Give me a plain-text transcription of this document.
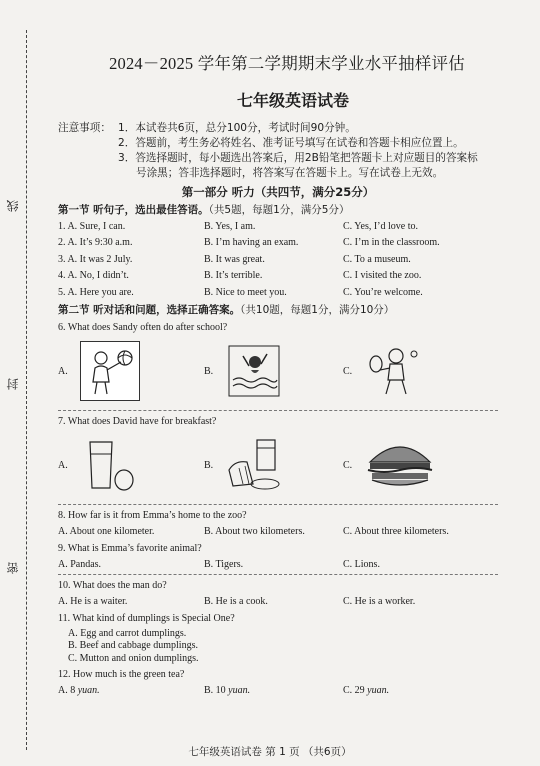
线
封
密
2024－2025 学年第二学期期末学业水平抽样评估
七年级英语试卷
注意事项： 1．本试卷共6页，总分100分，考试时间90分钟。
2．答题前，考生务必将姓名、准考证号填写在试卷和答题卡相应位置上。
3．答选择题时，每小题选出答案后，用2B铅笔把答题卡上对应题目的答案标
号涂黑；答非选择题时，将答案写在答题卡上。写在试卷上无效。
第一部分 听力（共四节，满分25分）
第一节 听句子，选出最佳答语。（共5题，每题1分，满分5分）
1. A. Sure, I can.	B. Yes, I am.	C. Yes, I’d love to.
2. A. It’s 9:30 a.m.	B. I’m having an exam.	C. I’m in the classroom.
3. A. It was 2 July.	B. It was great.	C. To a museum.
4. A. No, I didn’t.	B. It’s terrible.	C. I visited the zoo.
5. A. Here you are.	B. Nice to meet you.	C. You’re welcome.
第二节 听对话和问题，选择正确答案。（共10题，每题1分，满分10分）
6. What does Sandy often do after school?
A.	B.	C.
7. What does David have for breakfast?
A.	B.	C.
8. How far is it from Emma’s home to the zoo?
A. About one kilometer.	B. About two kilometers.	C. About three kilometers.
9. What is Emma’s favorite animal?
A. Pandas.	B. Tigers.	C. Lions.
10. What does the man do?
A. He is a waiter.	B. He is a cook.	C. He is a worker.
11. What kind of dumplings is Special One?
A. Egg and carrot dumplings.
B. Beef and cabbage dumplings.
C. Mutton and onion dumplings.
12. How much is the green tea?
A. 8 yuan.	B. 10 yuan.	C. 29 yuan.
七年级英语试卷 第 1 页 （共6页）
